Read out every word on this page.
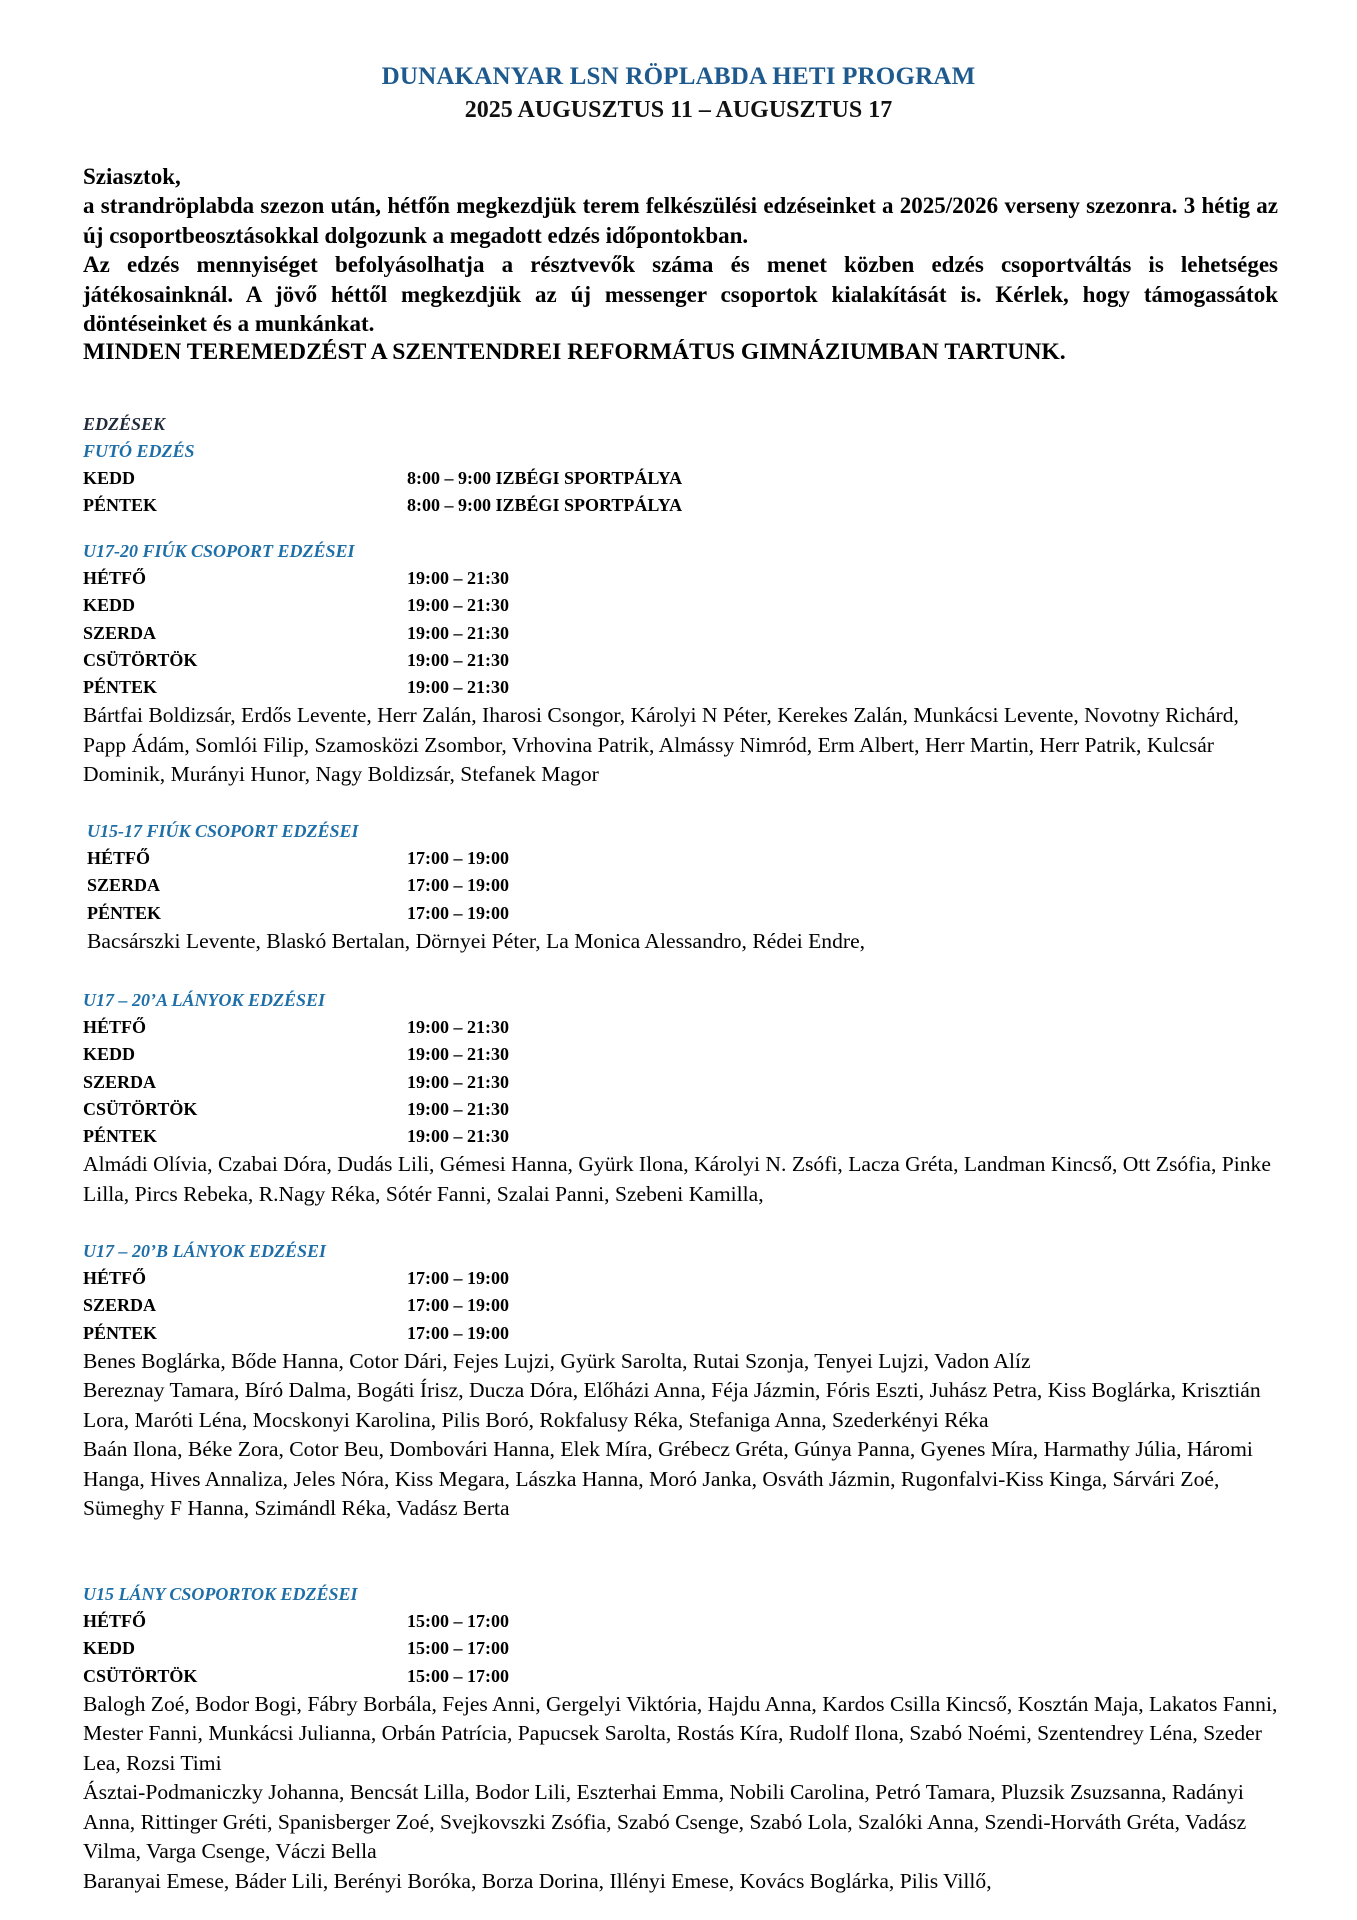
DUNAKANYAR LSN RÖPLABDA HETI PROGRAM
2025 AUGUSZTUS 11 – AUGUSZTUS 17

Sziasztok,

a strandröplabda szezon után, hétfőn megkezdjük terem felkészülési edzéseinket a 2025/2026 verseny szezonra. 3 hétig az új csoportbeosztásokkal dolgozunk a megadott edzés időpontokban.

Az edzés mennyiséget befolyásolhatja a résztvevők száma és menet közben edzés csoportváltás is lehetséges játékosainknál. A jövő héttől megkezdjük az új messenger csoportok kialakítását is. Kérlek, hogy támogassátok döntéseinket és a munkánkat.

MINDEN TEREMEDZÉST A SZENTENDREI REFORMÁTUS GIMNÁZIUMBAN TARTUNK.

EDZÉSEK

FUTÓ EDZÉS

KEDD	8:00 – 9:00 IZBÉGI SPORTPÁLYA
PÉNTEK	8:00 – 9:00 IZBÉGI SPORTPÁLYA

U17-20 FIÚK CSOPORT EDZÉSEI

HÉTFŐ	19:00 – 21:30
KEDD	19:00 – 21:30
SZERDA	19:00 – 21:30
CSÜTÖRTÖK	19:00 – 21:30
PÉNTEK	19:00 – 21:30

Bártfai Boldizsár, Erdős Levente, Herr Zalán, Iharosi Csongor, Károlyi N Péter, Kerekes Zalán, Munkácsi Levente, Novotny Richárd, Papp Ádám, Somlói Filip, Szamosközi Zsombor, Vrhovina Patrik, Almássy Nimród, Erm Albert, Herr Martin, Herr Patrik, Kulcsár Dominik, Murányi Hunor, Nagy Boldizsár, Stefanek Magor

U15-17 FIÚK CSOPORT EDZÉSEI

HÉTFŐ	17:00 – 19:00
SZERDA	17:00 – 19:00
PÉNTEK	17:00 – 19:00

Bacsárszki Levente, Blaskó Bertalan, Dörnyei Péter, La Monica Alessandro, Rédei Endre,

U17 – 20’A LÁNYOK EDZÉSEI

HÉTFŐ	19:00 – 21:30
KEDD	19:00 – 21:30
SZERDA	19:00 – 21:30
CSÜTÖRTÖK	19:00 – 21:30
PÉNTEK	19:00 – 21:30

Almádi Olívia, Czabai Dóra, Dudás Lili, Gémesi Hanna, Gyürk Ilona, Károlyi N. Zsófi, Lacza Gréta, Landman Kincső, Ott Zsófia, Pinke Lilla, Pircs Rebeka, R.Nagy Réka, Sótér Fanni, Szalai Panni, Szebeni Kamilla,

U17 – 20’B LÁNYOK EDZÉSEI

HÉTFŐ	17:00 – 19:00
SZERDA	17:00 – 19:00
PÉNTEK	17:00 – 19:00

Benes Boglárka, Bőde Hanna, Cotor Dári, Fejes Lujzi, Gyürk Sarolta, Rutai Szonja, Tenyei Lujzi, Vadon Alíz

Bereznay Tamara, Bíró Dalma, Bogáti Írisz, Ducza Dóra, Előházi Anna, Féja Jázmin, Fóris Eszti, Juhász Petra, Kiss Boglárka, Krisztián Lora, Maróti Léna, Mocskonyi Karolina, Pilis Boró, Rokfalusy Réka, Stefaniga Anna, Szederkényi Réka

Baán Ilona, Béke Zora, Cotor Beu, Dombovári Hanna, Elek Míra, Grébecz Gréta, Gúnya Panna, Gyenes Míra, Harmathy Júlia, Háromi Hanga, Hives Annaliza, Jeles Nóra, Kiss Megara, Lászka Hanna, Moró Janka, Osváth Jázmin, Rugonfalvi-Kiss Kinga, Sárvári Zoé, Sümeghy F Hanna, Szimándl Réka, Vadász Berta

U15 LÁNY CSOPORTOK EDZÉSEI

HÉTFŐ	15:00 – 17:00
KEDD	15:00 – 17:00
CSÜTÖRTÖK	15:00 – 17:00

Balogh Zoé, Bodor Bogi, Fábry Borbála, Fejes Anni, Gergelyi Viktória, Hajdu Anna, Kardos Csilla Kincső, Kosztán Maja, Lakatos Fanni, Mester Fanni, Munkácsi Julianna, Orbán Patrícia, Papucsek Sarolta, Rostás Kíra, Rudolf Ilona, Szabó Noémi, Szentendrey Léna, Szeder Lea, Rozsi Timi

Ásztai-Podmaniczky Johanna, Bencsát Lilla, Bodor Lili, Eszterhai Emma, Nobili Carolina, Petró Tamara, Pluzsik Zsuzsanna, Radányi Anna, Rittinger Gréti, Spanisberger Zoé, Svejkovszki Zsófia, Szabó Csenge, Szabó Lola, Szalóki Anna, Szendi-Horváth Gréta, Vadász Vilma, Varga Csenge, Váczi Bella

Baranyai Emese, Báder Lili, Berényi Boróka, Borza Dorina, Illényi Emese, Kovács Boglárka, Pilis Villő,
